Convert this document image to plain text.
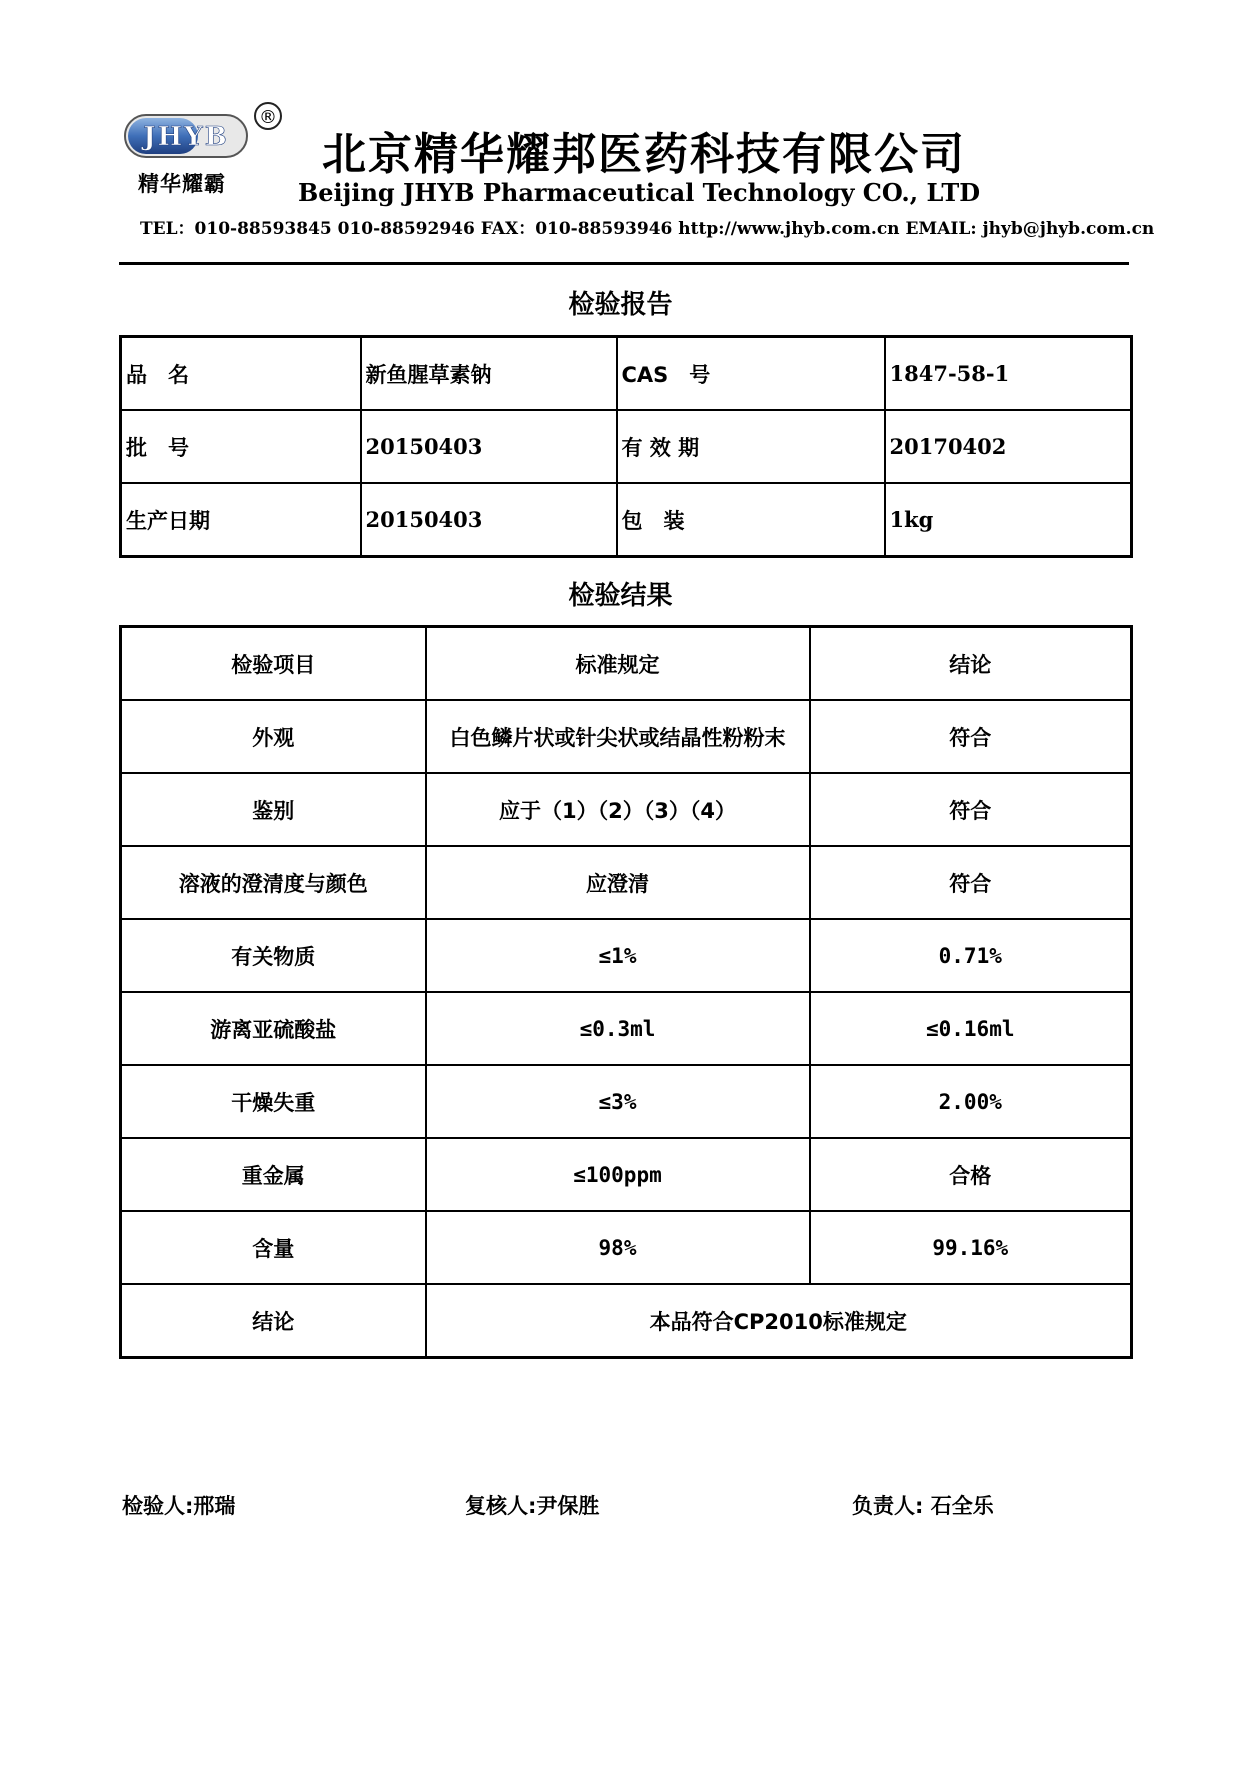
JHYB
®
精华耀霸
北京精华耀邦医药科技有限公司
Beijing JHYB Pharmaceutical Technology CO., LTD
TEL：010-88593845 010-88592946 FAX：010-88593946 http://www.jhyb.com.cn EMAIL: jhyb@jhyb.com.cn
检验报告
品　名	新鱼腥草素钠	CAS　号	1847-58-1
批　号	20150403	有 效 期	20170402
生产日期	20150403	包　装	1kg
检验结果
检验项目	标准规定	结论
外观	白色鳞片状或针尖状或结晶性粉粉末	符合
鉴别	应于（1）（2）（3）（4）	符合
溶液的澄清度与颜色	应澄清	符合
有关物质	≤1%	0.71%
游离亚硫酸盐	≤0.3ml	≤0.16ml
干燥失重	≤3%	2.00%
重金属	≤100ppm	合格
含量	98%	99.16%
结论	本品符合CP2010标准规定	
检验人:邢瑞	复核人:尹保胜	负责人: 石全乐
